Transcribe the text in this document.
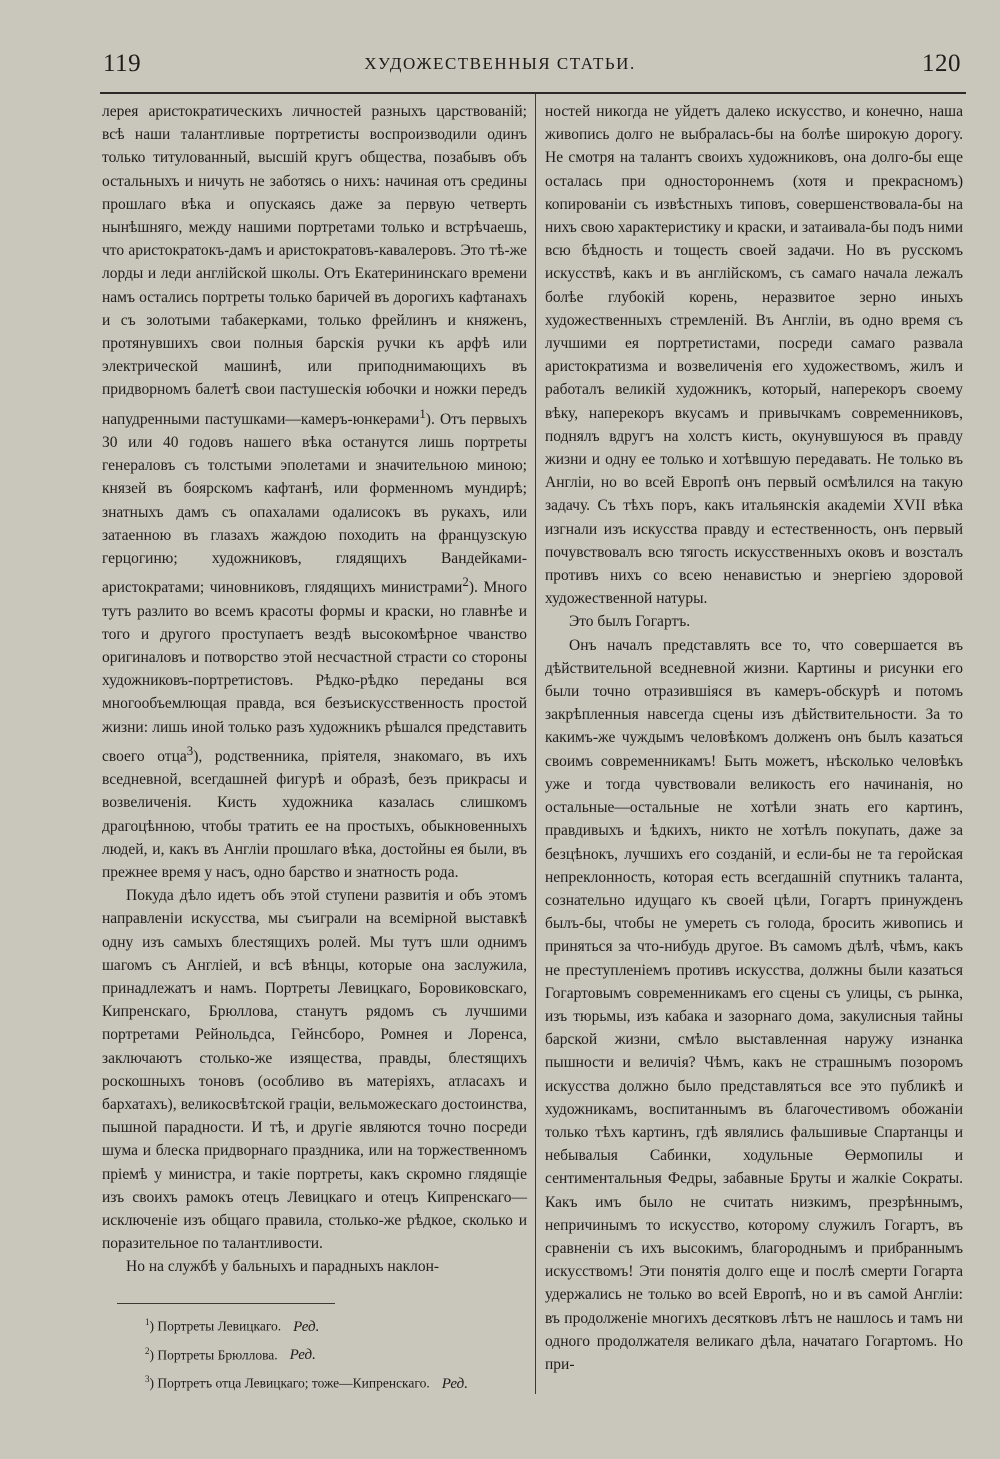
119	ХУДОЖЕСТВЕННЫЯ СТАТЬИ.	120

лерея аристократическихъ личностей разныхъ царствованій; всѣ наши талантливые портретисты воспроизводили одинъ только титулованный, высшій кругъ общества, позабывъ объ остальныхъ и ничуть не заботясь о нихъ: начиная отъ средины прошлаго вѣка и опускаясь даже за первую четверть нынѣшняго, между нашими портретами только и встрѣчаешь, что аристократокъ-дамъ и аристократовъ-кавалеровъ. Это тѣ-же лорды и леди англійской школы. Отъ Екатерининскаго времени намъ остались портреты только баричей въ дорогихъ кафтанахъ и съ золотыми табакерками, только фрейлинъ и княженъ, протянувшихъ свои полныя барскія ручки къ арфѣ или электрической машинѣ, или приподнимающихъ въ придворномъ балетѣ свои пастушескія юбочки и ножки передъ напудренными пастушками—камеръ-юнкерами$^1$). Отъ первыхъ 30 или 40 годовъ нашего вѣка останутся лишь портреты генераловъ съ толстыми эполетами и значительною миною; князей въ боярскомъ кафтанѣ, или форменномъ мундирѣ; знатныхъ дамъ съ опахалами одалисокъ въ рукахъ, или затаенною въ глазахъ жаждою походить на французскую герцогиню; художниковъ, глядящихъ Вандейками-аристократами; чиновниковъ, глядящихъ министрами$^2$). Много тутъ разлито во всемъ красоты формы и краски, но главнѣе и того и другого проступаетъ вездѣ высокомѣрное чванство оригиналовъ и потворство этой несчастной страсти со стороны художниковъ-портретистовъ. Рѣдко-рѣдко переданы вся многообъемлющая правда, вся безъискусственность простой жизни: лишь иной только разъ художникъ рѣшался представить своего отца$^3$), родственника, пріятеля, знакомаго, въ ихъ вседневной, всегдашней фигурѣ и образѣ, безъ прикрасы и возвеличенія. Кисть художника казалась слишкомъ драгоцѣнною, чтобы тратить ее на простыхъ, обыкновенныхъ людей, и, какъ въ Англіи прошлаго вѣка, достойны ея были, въ прежнее время у насъ, одно барство и знатность рода.

Покуда дѣло идетъ объ этой ступени развитія и объ этомъ направленіи искусства, мы съиграли на всемірной выставкѣ одну изъ самыхъ блестящихъ ролей. Мы тутъ шли однимъ шагомъ съ Англіей, и всѣ вѣнцы, которые она заслужила, принадлежатъ и намъ. Портреты Левицкаго, Боровиковскаго, Кипренскаго, Брюллова, станутъ рядомъ съ лучшими портретами Рейнольдса, Гейнсборо, Ромнея и Лоренса, заключаютъ столько-же изящества, правды, блестящихъ роскошныхъ тоновъ (особливо въ матеріяхъ, атласахъ и бархатахъ), великосвѣтской граціи, вельможескаго достоинства, пышной парадности. И тѣ, и другіе являются точно посреди шума и блеска придворнаго праздника, или на торжественномъ пріемѣ у министра, и такіе портреты, какъ скромно глядящіе изъ своихъ рамокъ отецъ Левицкаго и отецъ Кипренскаго—исключеніе изъ общаго правила, столько-же рѣдкое, сколько и поразительное по талантливости.

Но на службѣ у бальныхъ и парадныхъ наклон-

$^1$) Портреты Левицкаго. Ред.
$^2$) Портреты Брюллова. Ред.
$^3$) Портретъ отца Левицкаго; тоже—Кипренскаго. Ред.

ностей никогда не уйдетъ далеко искусство, и конечно, наша живопись долго не выбралась-бы на болѣе широкую дорогу. Не смотря на талантъ своихъ художниковъ, она долго-бы еще осталась при одностороннемъ (хотя и прекрасномъ) копированіи съ извѣстныхъ типовъ, совершенствовала-бы на нихъ свою характеристику и краски, и затаивала-бы подъ ними всю бѣдность и тощесть своей задачи. Но въ русскомъ искусствѣ, какъ и въ англійскомъ, съ самаго начала лежалъ болѣе глубокій корень, неразвитое зерно иныхъ художественныхъ стремленій. Въ Англіи, въ одно время съ лучшими ея портретистами, посреди самаго развала аристократизма и возвеличенія его художествомъ, жилъ и работалъ великій художникъ, который, наперекоръ своему вѣку, наперекоръ вкусамъ и привычкамъ современниковъ, поднялъ вдругъ на холстъ кисть, окунувшуюся въ правду жизни и одну ее только и хотѣвшую передавать. Не только въ Англіи, но во всей Европѣ онъ первый осмѣлился на такую задачу. Съ тѣхъ поръ, какъ итальянскія академіи XVII вѣка изгнали изъ искусства правду и естественность, онъ первый почувствовалъ всю тягость искусственныхъ оковъ и возсталъ противъ нихъ со всею ненавистью и энергіею здоровой художественной натуры.

Это былъ Гогартъ.

Онъ началъ представлять все то, что совершается въ дѣйствительной вседневной жизни. Картины и рисунки его были точно отразившіяся въ камеръ-обскурѣ и потомъ закрѣпленныя навсегда сцены изъ дѣйствительности. За то какимъ-же чуждымъ человѣкомъ долженъ онъ былъ казаться своимъ современникамъ! Быть можетъ, нѣсколько человѣкъ уже и тогда чувствовали великость его начинанія, но остальные—остальные не хотѣли знать его картинъ, правдивыхъ и ѣдкихъ, никто не хотѣлъ покупать, даже за безцѣнокъ, лучшихъ его созданій, и если-бы не та геройская непреклонность, которая есть всегдашній спутникъ таланта, сознательно идущаго къ своей цѣли, Гогартъ принужденъ былъ-бы, чтобы не умереть съ голода, бросить живопись и приняться за что-нибудь другое. Въ самомъ дѣлѣ, чѣмъ, какъ не преступленіемъ противъ искусства, должны были казаться Гогартовымъ современникамъ его сцены съ улицы, съ рынка, изъ тюрьмы, изъ кабака и зазорнаго дома, закулисныя тайны барской жизни, смѣло выставленная наружу изнанка пышности и величія? Чѣмъ, какъ не страшнымъ позоромъ искусства должно было представляться все это публикѣ и художникамъ, воспитаннымъ въ благочестивомъ обожаніи только тѣхъ картинъ, гдѣ являлись фальшивые Спартанцы и небывалыя Сабинки, ходульные Өермопилы и сентиментальныя Федры, забавные Бруты и жалкіе Сократы. Какъ имъ было не считать низкимъ, презрѣннымъ, непричинымъ то искусство, которому служилъ Гогартъ, въ сравненіи съ ихъ высокимъ, благороднымъ и прибраннымъ искусствомъ! Эти понятія долго еще и послѣ смерти Гогарта удержались не только во всей Европѣ, но и въ самой Англіи: въ продолженіе многихъ десятковъ лѣтъ не нашлось и тамъ ни одного продолжателя великаго дѣла, начатаго Гогартомъ. Но при-
